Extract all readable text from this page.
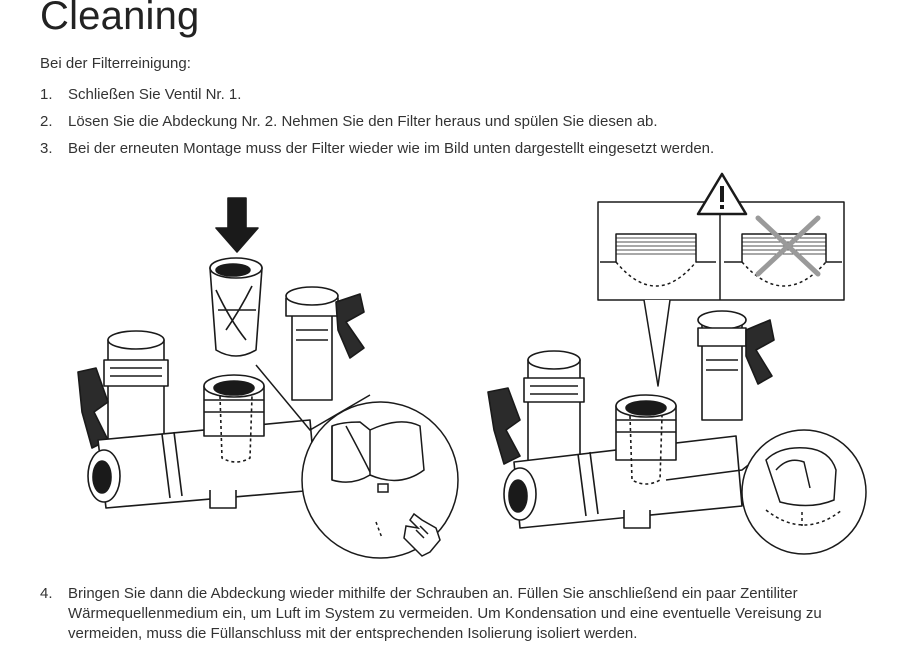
Cleaning
Bei der Filterreinigung:
1.	Schließen Sie Ventil Nr. 1.
2.	Lösen Sie die Abdeckung Nr. 2. Nehmen Sie den Filter heraus und spülen Sie diesen ab.
3.	Bei der erneuten Montage muss der Filter wieder wie im Bild unten dargestellt eingesetzt werden.
4.	Bringen Sie dann die Abdeckung wieder mithilfe der Schrauben an. Füllen Sie anschließend ein paar Zentiliter Wärmequellenmedium ein, um Luft im System zu vermeiden. Um Kondensation und eine eventuelle Vereisung zu vermeiden, muss die Füllanschluss mit der entsprechenden Isolierung isoliert werden.
